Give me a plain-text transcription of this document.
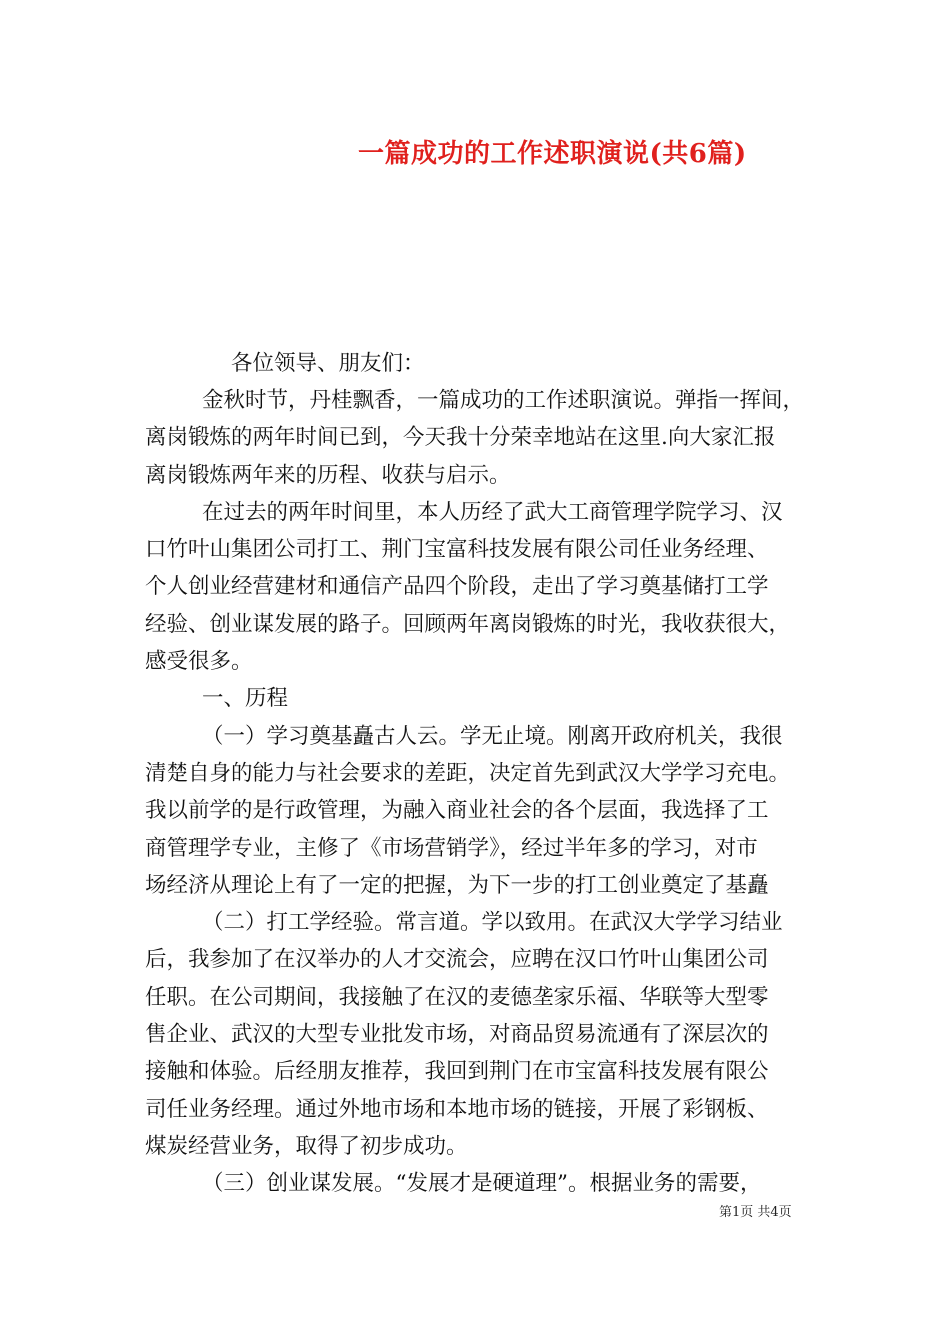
一篇成功的工作述职演说(共6篇)

各位领导、朋友们：

金秋时节，丹桂飘香，一篇成功的工作述职演说。弹指一挥间，

离岗锻炼的两年时间已到，今天我十分荣幸地站在这里.向大家汇报

离岗锻炼两年来的历程、收获与启示。

在过去的两年时间里，本人历经了武大工商管理学院学习、汉

口竹叶山集团公司打工、荆门宝富科技发展有限公司任业务经理、

个人创业经营建材和通信产品四个阶段，走出了学习奠基储打工学

经验、创业谋发展的路子。回顾两年离岗锻炼的时光，我收获很大，

感受很多。

一、历程

（一）学习奠基矗古人云。学无止境。刚离开政府机关，我很

清楚自身的能力与社会要求的差距，决定首先到武汉大学学习充电。

我以前学的是行政管理，为融入商业社会的各个层面，我选择了工

商管理学专业，主修了《市场营销学》，经过半年多的学习，对市

场经济从理论上有了一定的把握，为下一步的打工创业奠定了基矗

（二）打工学经验。常言道。学以致用。在武汉大学学习结业

后，我参加了在汉举办的人才交流会，应聘在汉口竹叶山集团公司

任职。在公司期间，我接触了在汉的麦德垄家乐福、华联等大型零

售企业、武汉的大型专业批发市场，对商品贸易流通有了深层次的

接触和体验。后经朋友推荐，我回到荆门在市宝富科技发展有限公

司任业务经理。通过外地市场和本地市场的链接，开展了彩钢板、

煤炭经营业务，取得了初步成功。

（三）创业谋发展。“发展才是硬道理”。根据业务的需要，

第1页 共4页
